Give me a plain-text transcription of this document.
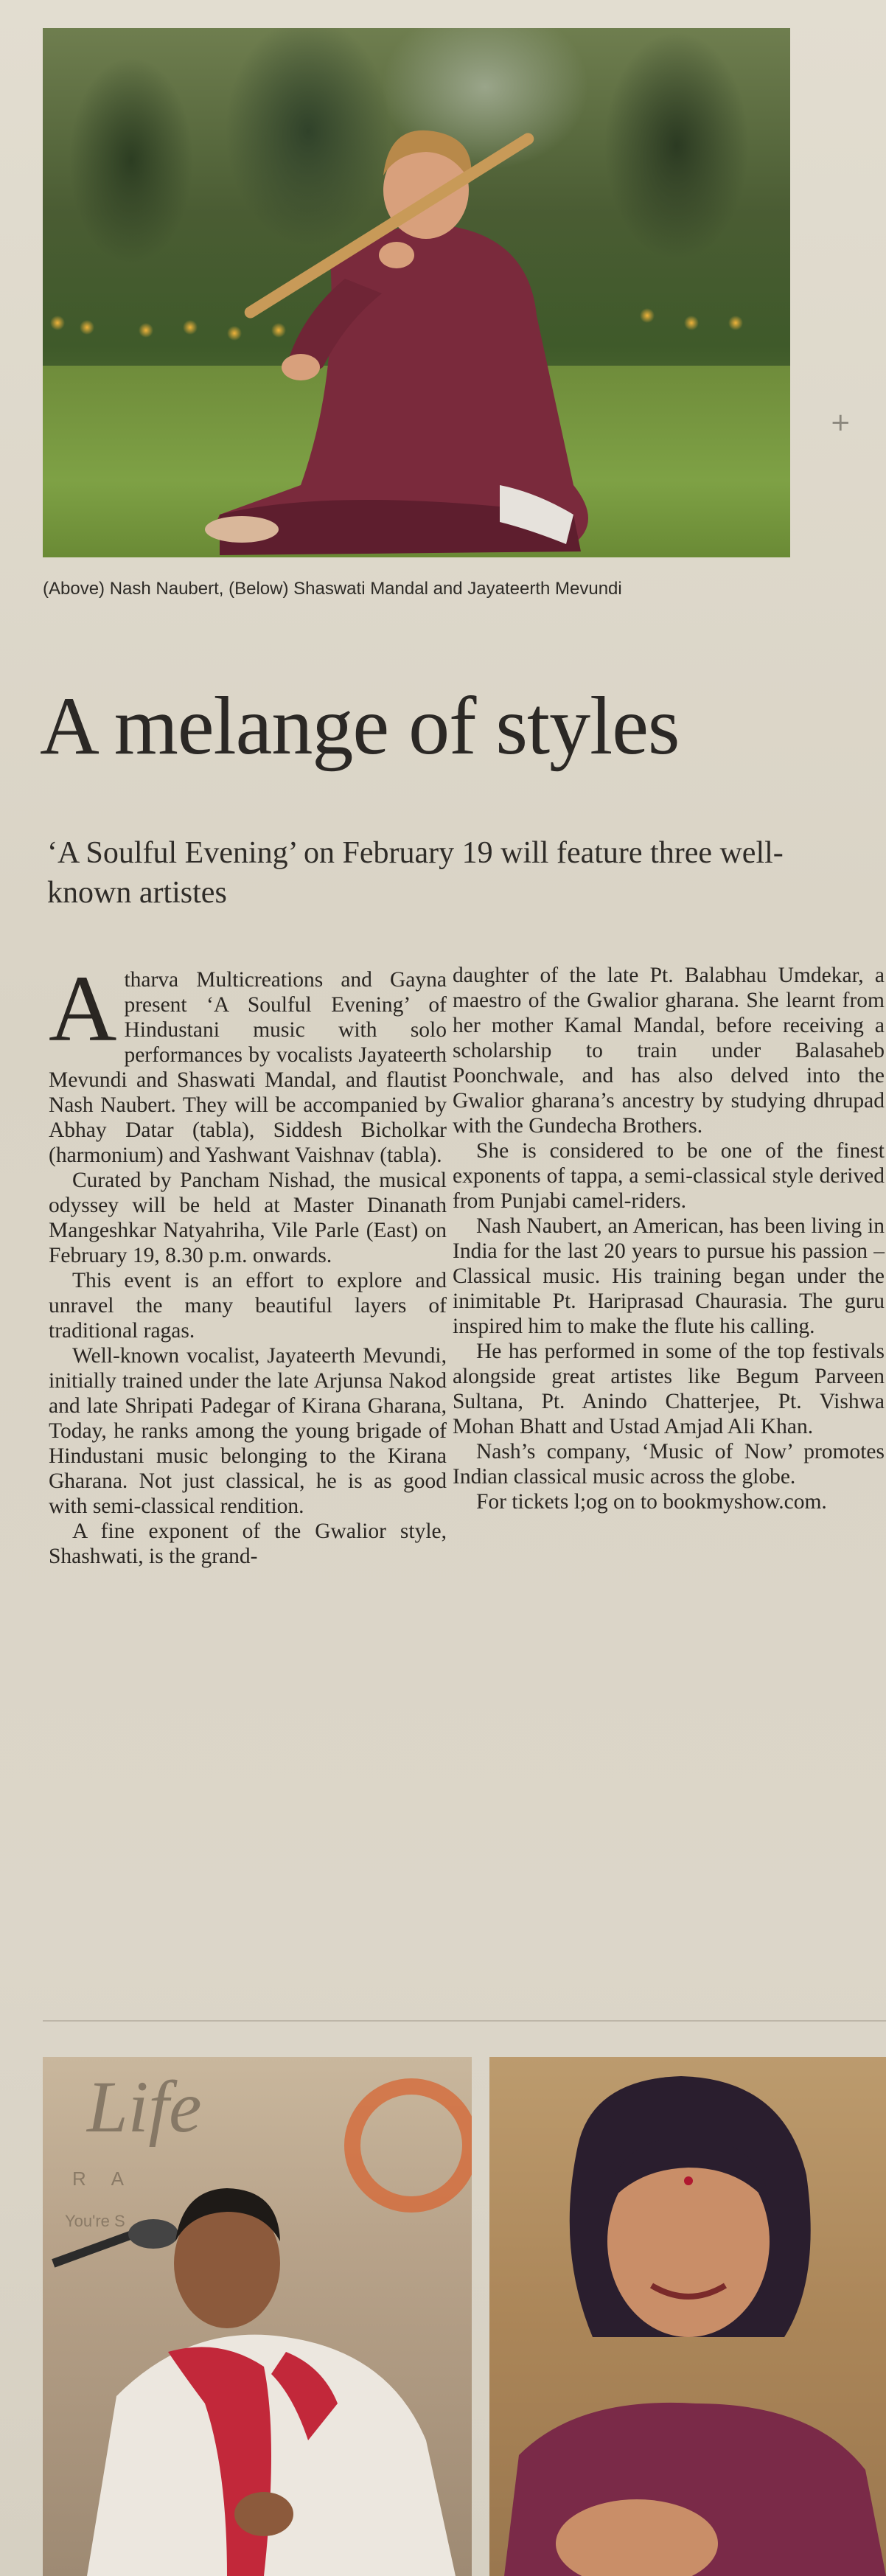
+
(Above) Nash Naubert, (Below) Shaswati Mandal and Jayateerth Mevundi
A melange of styles
‘A Soulful Evening’ on February 19 will feature three well-known artistes

Atharva Multicreations and Gayna present ‘A Soulful Evening’ of Hindustani music with solo performances by vocalists Jayateerth Mevundi and Shaswati Mandal, and flautist Nash Naubert. They will be accompanied by Abhay Datar (tabla), Siddesh Bicholkar (harmonium) and Yashwant Vaishnav (tabla).

Curated by Pancham Nishad, the musical odyssey will be held at Master Dinanath Mangeshkar Natyahriha, Vile Parle (East) on February 19, 8.30 p.m. onwards.

This event is an effort to explore and unravel the many beautiful layers of traditional ragas.

Well-known vocalist, Jayateerth Mevundi, initially trained under the late Arjunsa Nakod and late Shripati Padegar of Kirana Gharana, Today, he ranks among the young brigade of Hindustani music belonging to the Kirana Gharana. Not just classical, he is as good with semi-classical rendition.

A fine exponent of the Gwalior style, Shashwati, is the grand-

daughter of the late Pt. Balabhau Umdekar, a maestro of the Gwalior gharana. She learnt from her mother Kamal Mandal, before receiving a scholarship to train under Balasaheb Poonchwale, and has also delved into the Gwalior gharana’s ancestry by studying dhrupad with the Gundecha Brothers.

She is considered to be one of the finest exponents of tappa, a semi-classical style derived from Punjabi camel-riders.

Nash Naubert, an American, has been living in India for the last 20 years to pursue his passion – Classical music. His training began under the inimitable Pt. Hariprasad Chaurasia. The guru inspired him to make the flute his calling.

He has performed in some of the top festivals alongside great artistes like Begum Parveen Sultana, Pt. Anindo Chatterjee, Pt. Vishwa Mohan Bhatt and Ustad Amjad Ali Khan.

Nash’s company, ‘Music of Now’ promotes Indian classical music across the globe.

For tickets l;og on to bookmyshow.com.

Life
R A
You're S
